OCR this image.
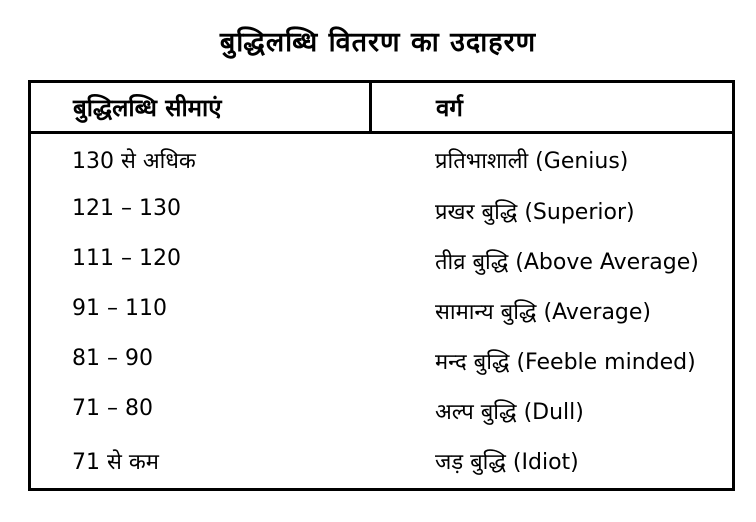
बुद्धिलब्धि वितरण का उदाहरण
बुद्धिलब्धि सीमाएं	वर्ग
130 से अधिक	प्रतिभाशाली (Genius)
121 – 130	प्रखर बुद्धि (Superior)
111 – 120	तीव्र बुद्धि (Above Average)
91 – 110	सामान्य बुद्धि (Average)
81 – 90	मन्द बुद्धि (Feeble minded)
71 – 80	अल्प बुद्धि (Dull)
71 से कम	जड़ बुद्धि (Idiot)
